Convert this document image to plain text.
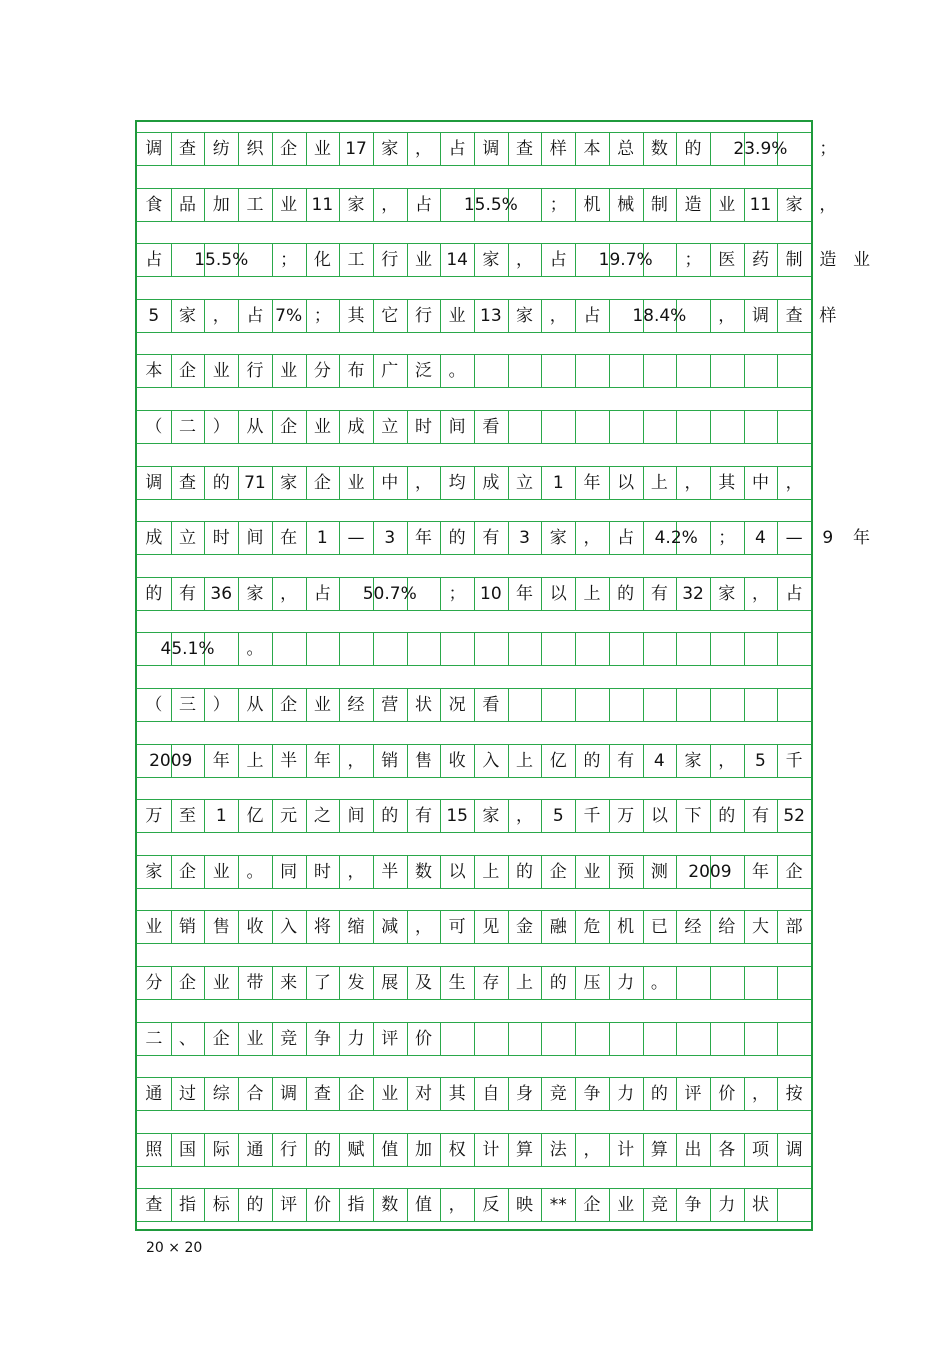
调 查 纺 织 企 业 17 家 ， 占 调 查 样 本 总 数 的	23.9%	；
食 品 加 工 业 11 家 ， 占	15.5%	； 机 械 制 造 业 11 家 ，
占	15.5%	； 化 工 行 业 14 家 ， 占	19.7%	； 医 药 制 造 业
5	家 ， 占 7% ； 其 它 行 业 13 家 ， 占	18.4%	， 调 查 样
本 企 业 行 业 分 布 广 泛 。
（ 二 ） 从 企 业 成 立 时 间 看
调 查 的 71 家 企 业 中 ， 均 成 立	1	年 以 上 ， 其 中 ，
成 立 时 间 在	1	—	3	年 的 有	3	家 ， 占	4.2%	；	4	—	9	年
的 有 36 家 ， 占	50.7%	； 10 年 以 上 的 有 32 家 ， 占
45.1%	。
（ 三 ） 从 企 业 经 营 状 况 看
2009	年 上 半 年 ， 销 售 收 入 上 亿 的 有	4	家 ，	5	千
万 至	1	亿 元 之 间 的 有 15 家 ，	5	千 万 以 下 的 有 52
家 企 业 。 同 时 ， 半 数 以 上 的 企 业 预 测	2009	年 企
业 销 售 收 入 将 缩 减 ， 可 见 金 融 危 机 已 经 给 大 部
分 企 业 带 来 了 发 展 及 生 存 上 的 压 力 。
二 、 企 业 竞 争 力 评 价
通 过 综 合 调 查 企 业 对 其 自 身 竞 争 力 的 评 价 ， 按
照 国 际 通 行 的 赋 值 加 权 计 算 法 ， 计 算 出 各 项 调
查 指 标 的 评 价 指 数 值 ， 反 映 ** 企 业 竞 争 力 状
20 × 20
